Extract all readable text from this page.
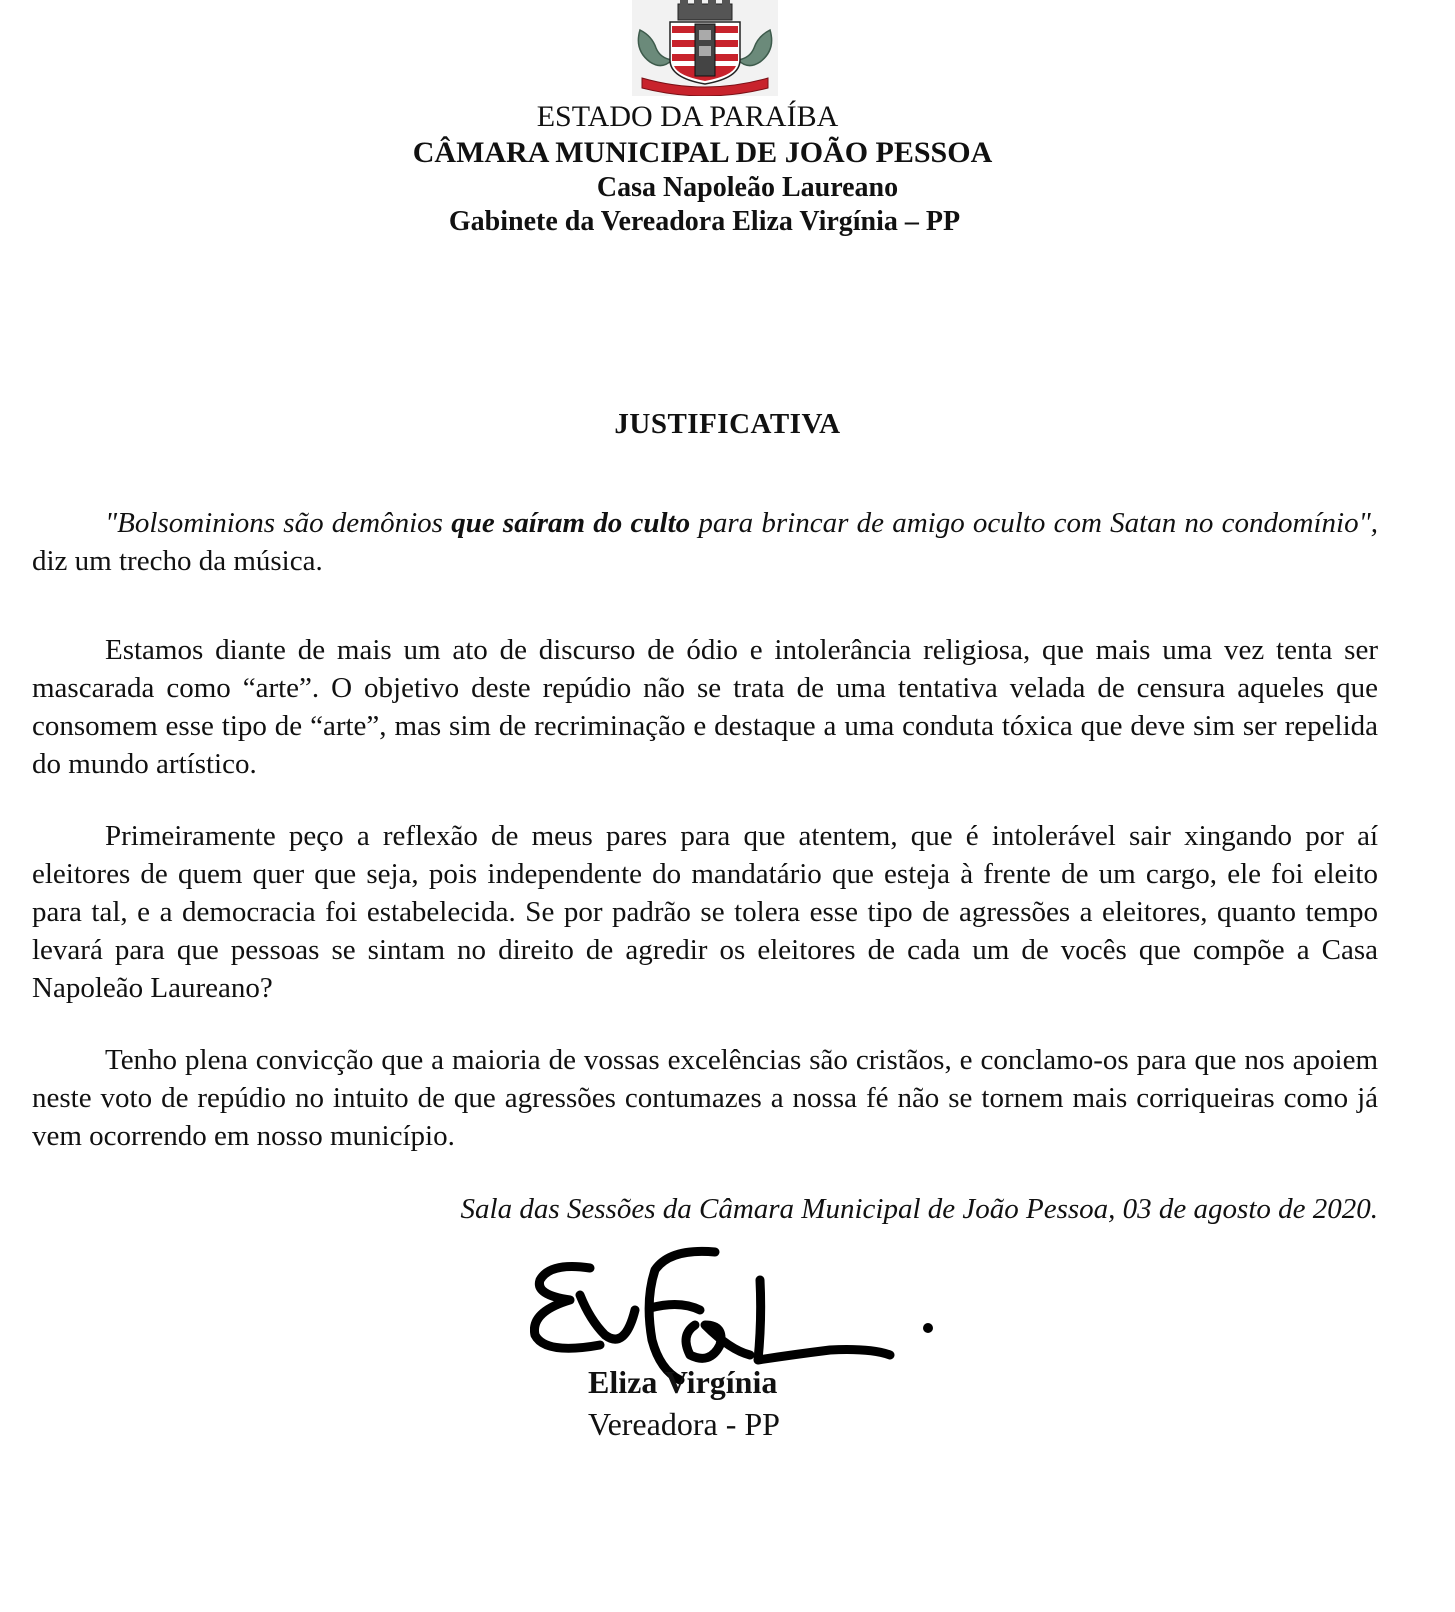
ESTADO DA PARAÍBA
CÂMARA MUNICIPAL DE JOÃO PESSOA
Casa Napoleão Laureano
Gabinete da Vereadora Eliza Virgínia – PP
JUSTIFICATIVA

"Bolsominions são demônios que saíram do culto para brincar de amigo oculto com Satan no condomínio", diz um trecho da música.

Estamos diante de mais um ato de discurso de ódio e intolerância religiosa, que mais uma vez tenta ser mascarada como “arte”. O objetivo deste repúdio não se trata de uma tentativa velada de censura aqueles que consomem esse tipo de “arte”, mas sim de recriminação e destaque a uma conduta tóxica que deve sim ser repelida do mundo artístico.

Primeiramente peço a reflexão de meus pares para que atentem, que é intolerável sair xingando por aí eleitores de quem quer que seja, pois independente do mandatário que esteja à frente de um cargo, ele foi eleito para tal, e a democracia foi estabelecida. Se por padrão se tolera esse tipo de agressões a eleitores, quanto tempo levará para que pessoas se sintam no direito de agredir os eleitores de cada um de vocês que compõe a Casa Napoleão Laureano?

Tenho plena convicção que a maioria de vossas excelências são cristãos, e conclamo-os para que nos apoiem neste voto de repúdio no intuito de que agressões contumazes a nossa fé não se tornem mais corriqueiras como já vem ocorrendo em nosso município.

Sala das Sessões da Câmara Municipal de João Pessoa, 03 de agosto de 2020.
Eliza Virgínia
Vereadora - PP
